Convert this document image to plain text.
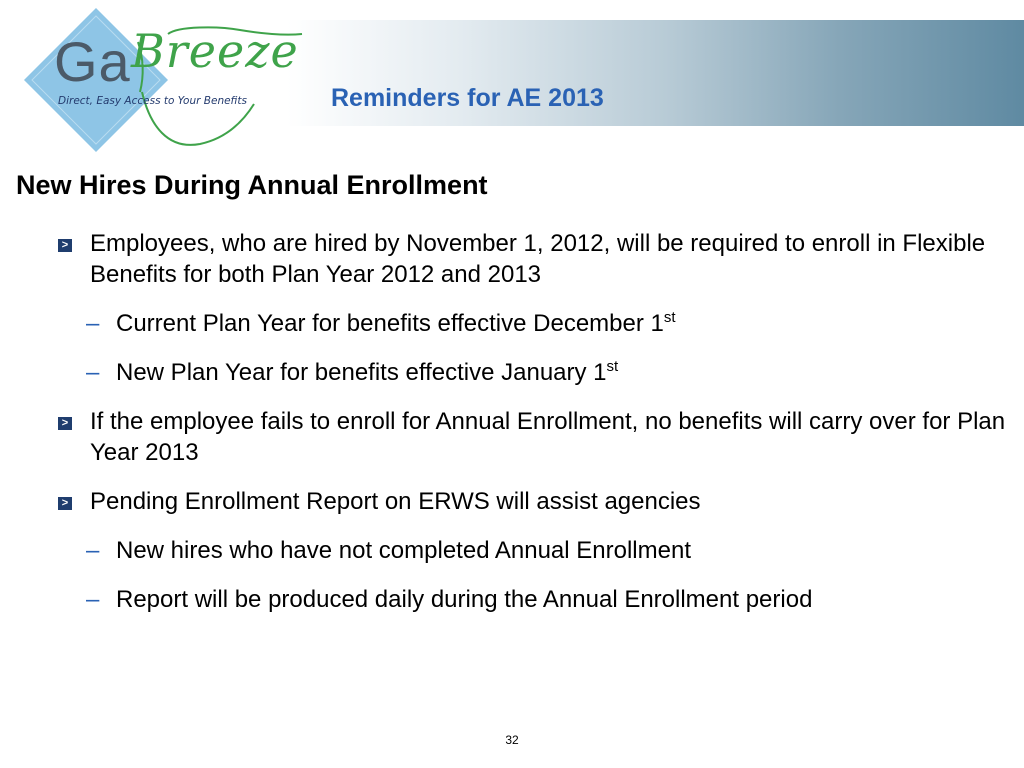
Ga Breeze
Direct, Easy Access to Your Benefits	Reminders for AE 2013
New Hires During Annual Enrollment
> Employees, who are hired by November 1, 2012, will be required to enroll in Flexible Benefits for both Plan Year 2012 and 2013
– Current Plan Year for benefits effective December 1st
– New Plan Year for benefits effective January 1st
> If the employee fails to enroll for Annual Enrollment, no benefits will carry over for Plan Year 2013
> Pending Enrollment Report on ERWS will assist agencies
– New hires who have not completed Annual Enrollment
– Report will be produced daily during the Annual Enrollment period
32
